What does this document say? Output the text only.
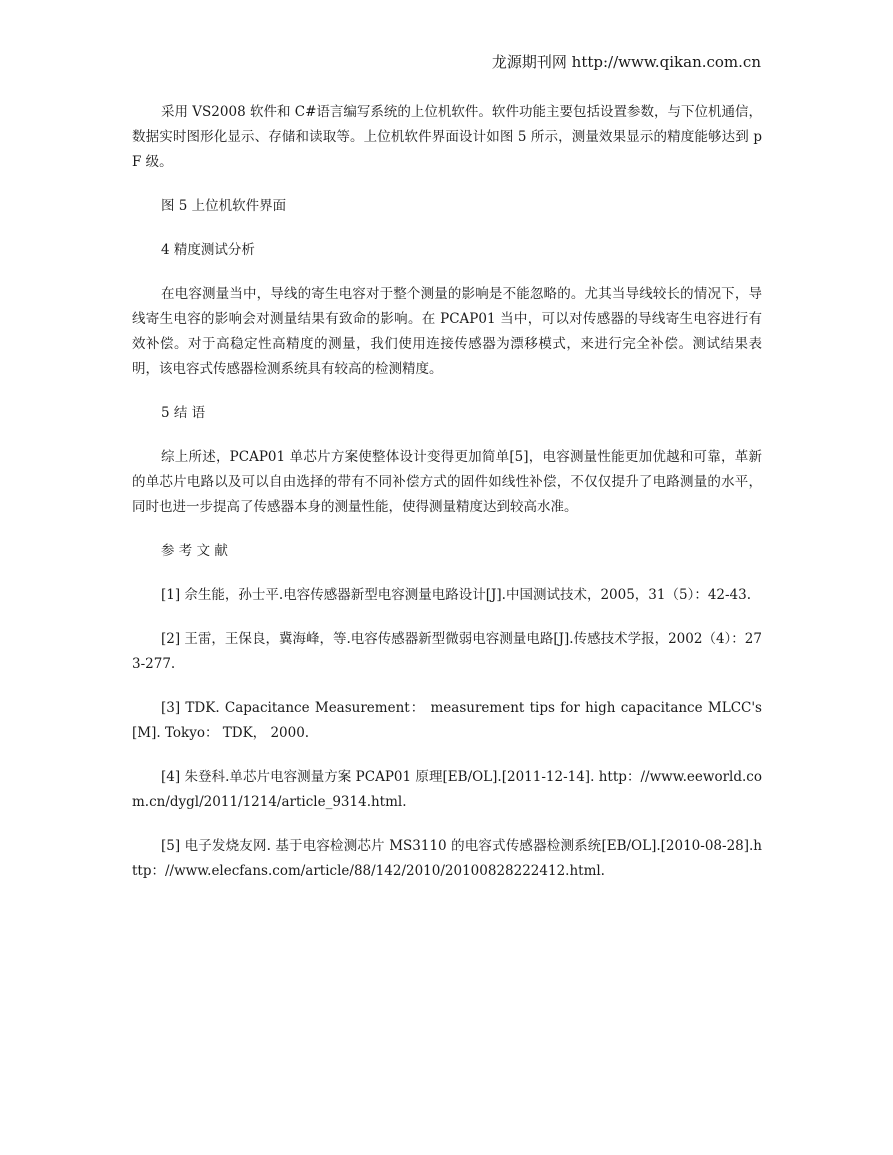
龙源期刊网 http://www.qikan.com.cn

采用 VS2008 软件和 C#语言编写系统的上位机软件。软件功能主要包括设置参数，与下位机通信，数据实时图形化显示、存储和读取等。上位机软件界面设计如图 5 所示，测量效果显示的精度能够达到 pF 级。

图 5 上位机软件界面

4 精度测试分析

在电容测量当中，导线的寄生电容对于整个测量的影响是不能忽略的。尤其当导线较长的情况下，导线寄生电容的影响会对测量结果有致命的影响。在 PCAP01 当中，可以对传感器的导线寄生电容进行有效补偿。对于高稳定性高精度的测量，我们使用连接传感器为漂移模式，来进行完全补偿。测试结果表明，该电容式传感器检测系统具有较高的检测精度。

5 结 语

综上所述，PCAP01 单芯片方案使整体设计变得更加简单[5]，电容测量性能更加优越和可靠，革新的单芯片电路以及可以自由选择的带有不同补偿方式的固件如线性补偿，不仅仅提升了电路测量的水平，同时也进一步提高了传感器本身的测量性能，使得测量精度达到较高水准。

参 考 文 献

[1] 佘生能，孙士平.电容传感器新型电容测量电路设计[J].中国测试技术，2005，31（5）：42-43.

[2] 王雷，王保良，冀海峰，等.电容传感器新型微弱电容测量电路[J].传感技术学报，2002（4）：273-277.

[3] TDK. Capacitance Measurement： measurement tips for high capacitance MLCC's [M]. Tokyo： TDK， 2000.

[4] 朱登科.单芯片电容测量方案 PCAP01 原理[EB/OL].[2011-12-14]. http：//www.eeworld.com.cn/dygl/2011/1214/article_9314.html.

[5] 电子发烧友网. 基于电容检测芯片 MS3110 的电容式传感器检测系统[EB/OL].[2010-08-28].http：//www.elecfans.com/article/88/142/2010/20100828222412.html.
